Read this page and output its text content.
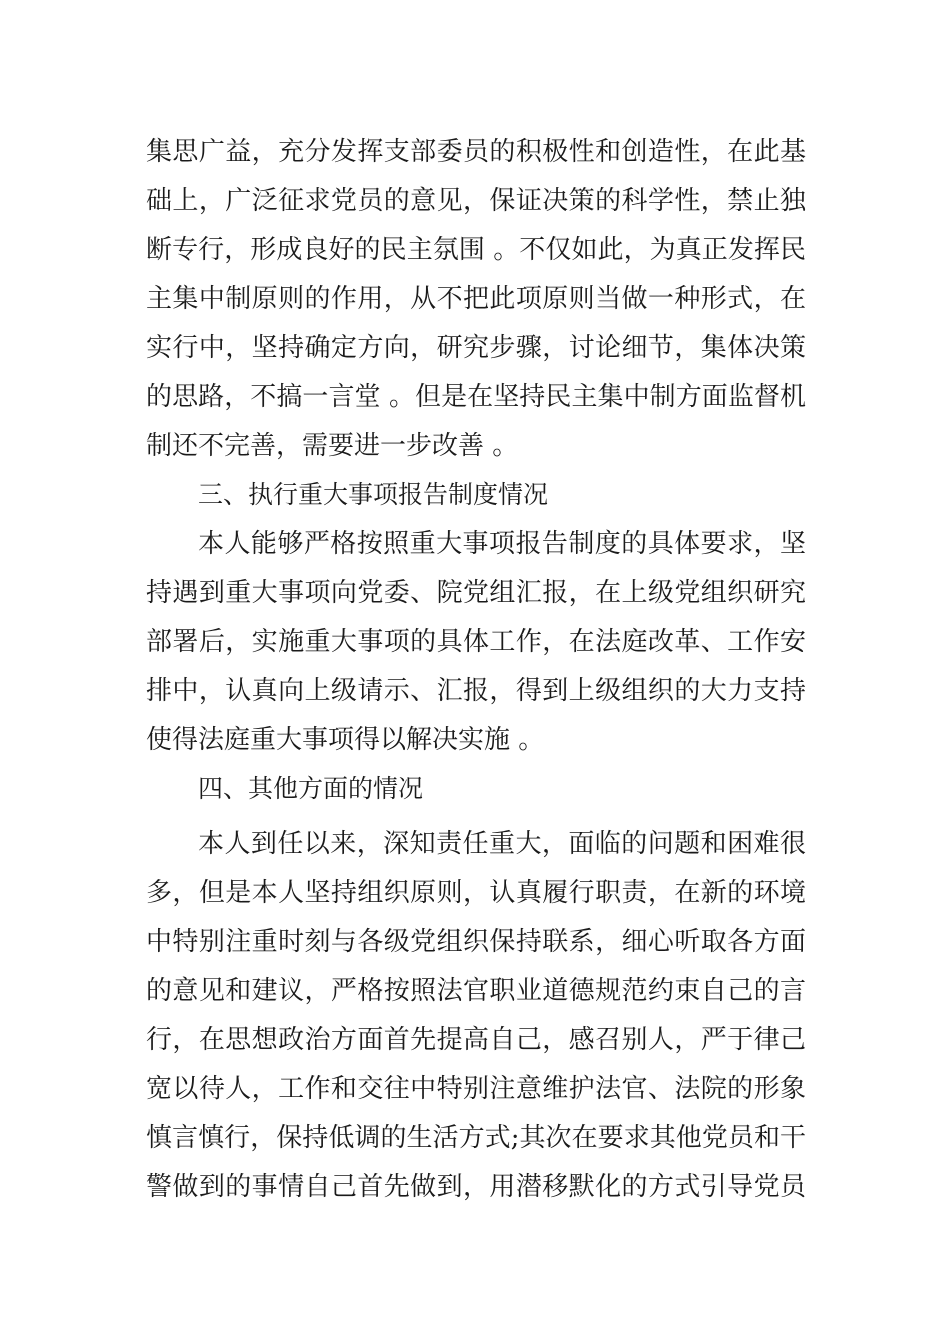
集思广益，充分发挥支部委员的积极性和创造性，在此基
础上，广泛征求党员的意见，保证决策的科学性，禁止独
断专行，形成良好的民主氛围 。不仅如此，为真正发挥民
主集中制原则的作用，从不把此项原则当做一种形式，在
实行中，坚持确定方向，研究步骤，讨论细节，集体决策
的思路，不搞一言堂 。但是在坚持民主集中制方面监督机
制还不完善，需要进一步改善 。
三、执行重大事项报告制度情况
本人能够严格按照重大事项报告制度的具体要求，坚
持遇到重大事项向党委、院党组汇报，在上级党组织研究
部署后，实施重大事项的具体工作，在法庭改革、工作安
排中，认真向上级请示、汇报，得到上级组织的大力支持
使得法庭重大事项得以解决实施 。
四、其他方面的情况
本人到任以来，深知责任重大，面临的问题和困难很
多，但是本人坚持组织原则，认真履行职责，在新的环境
中特别注重时刻与各级党组织保持联系，细心听取各方面
的意见和建议，严格按照法官职业道德规范约束自己的言
行，在思想政治方面首先提高自己，感召别人，严于律己
宽以待人，工作和交往中特别注意维护法官、法院的形象
慎言慎行，保持低调的生活方式;其次在要求其他党员和干
警做到的事情自己首先做到，用潜移默化的方式引导党员
